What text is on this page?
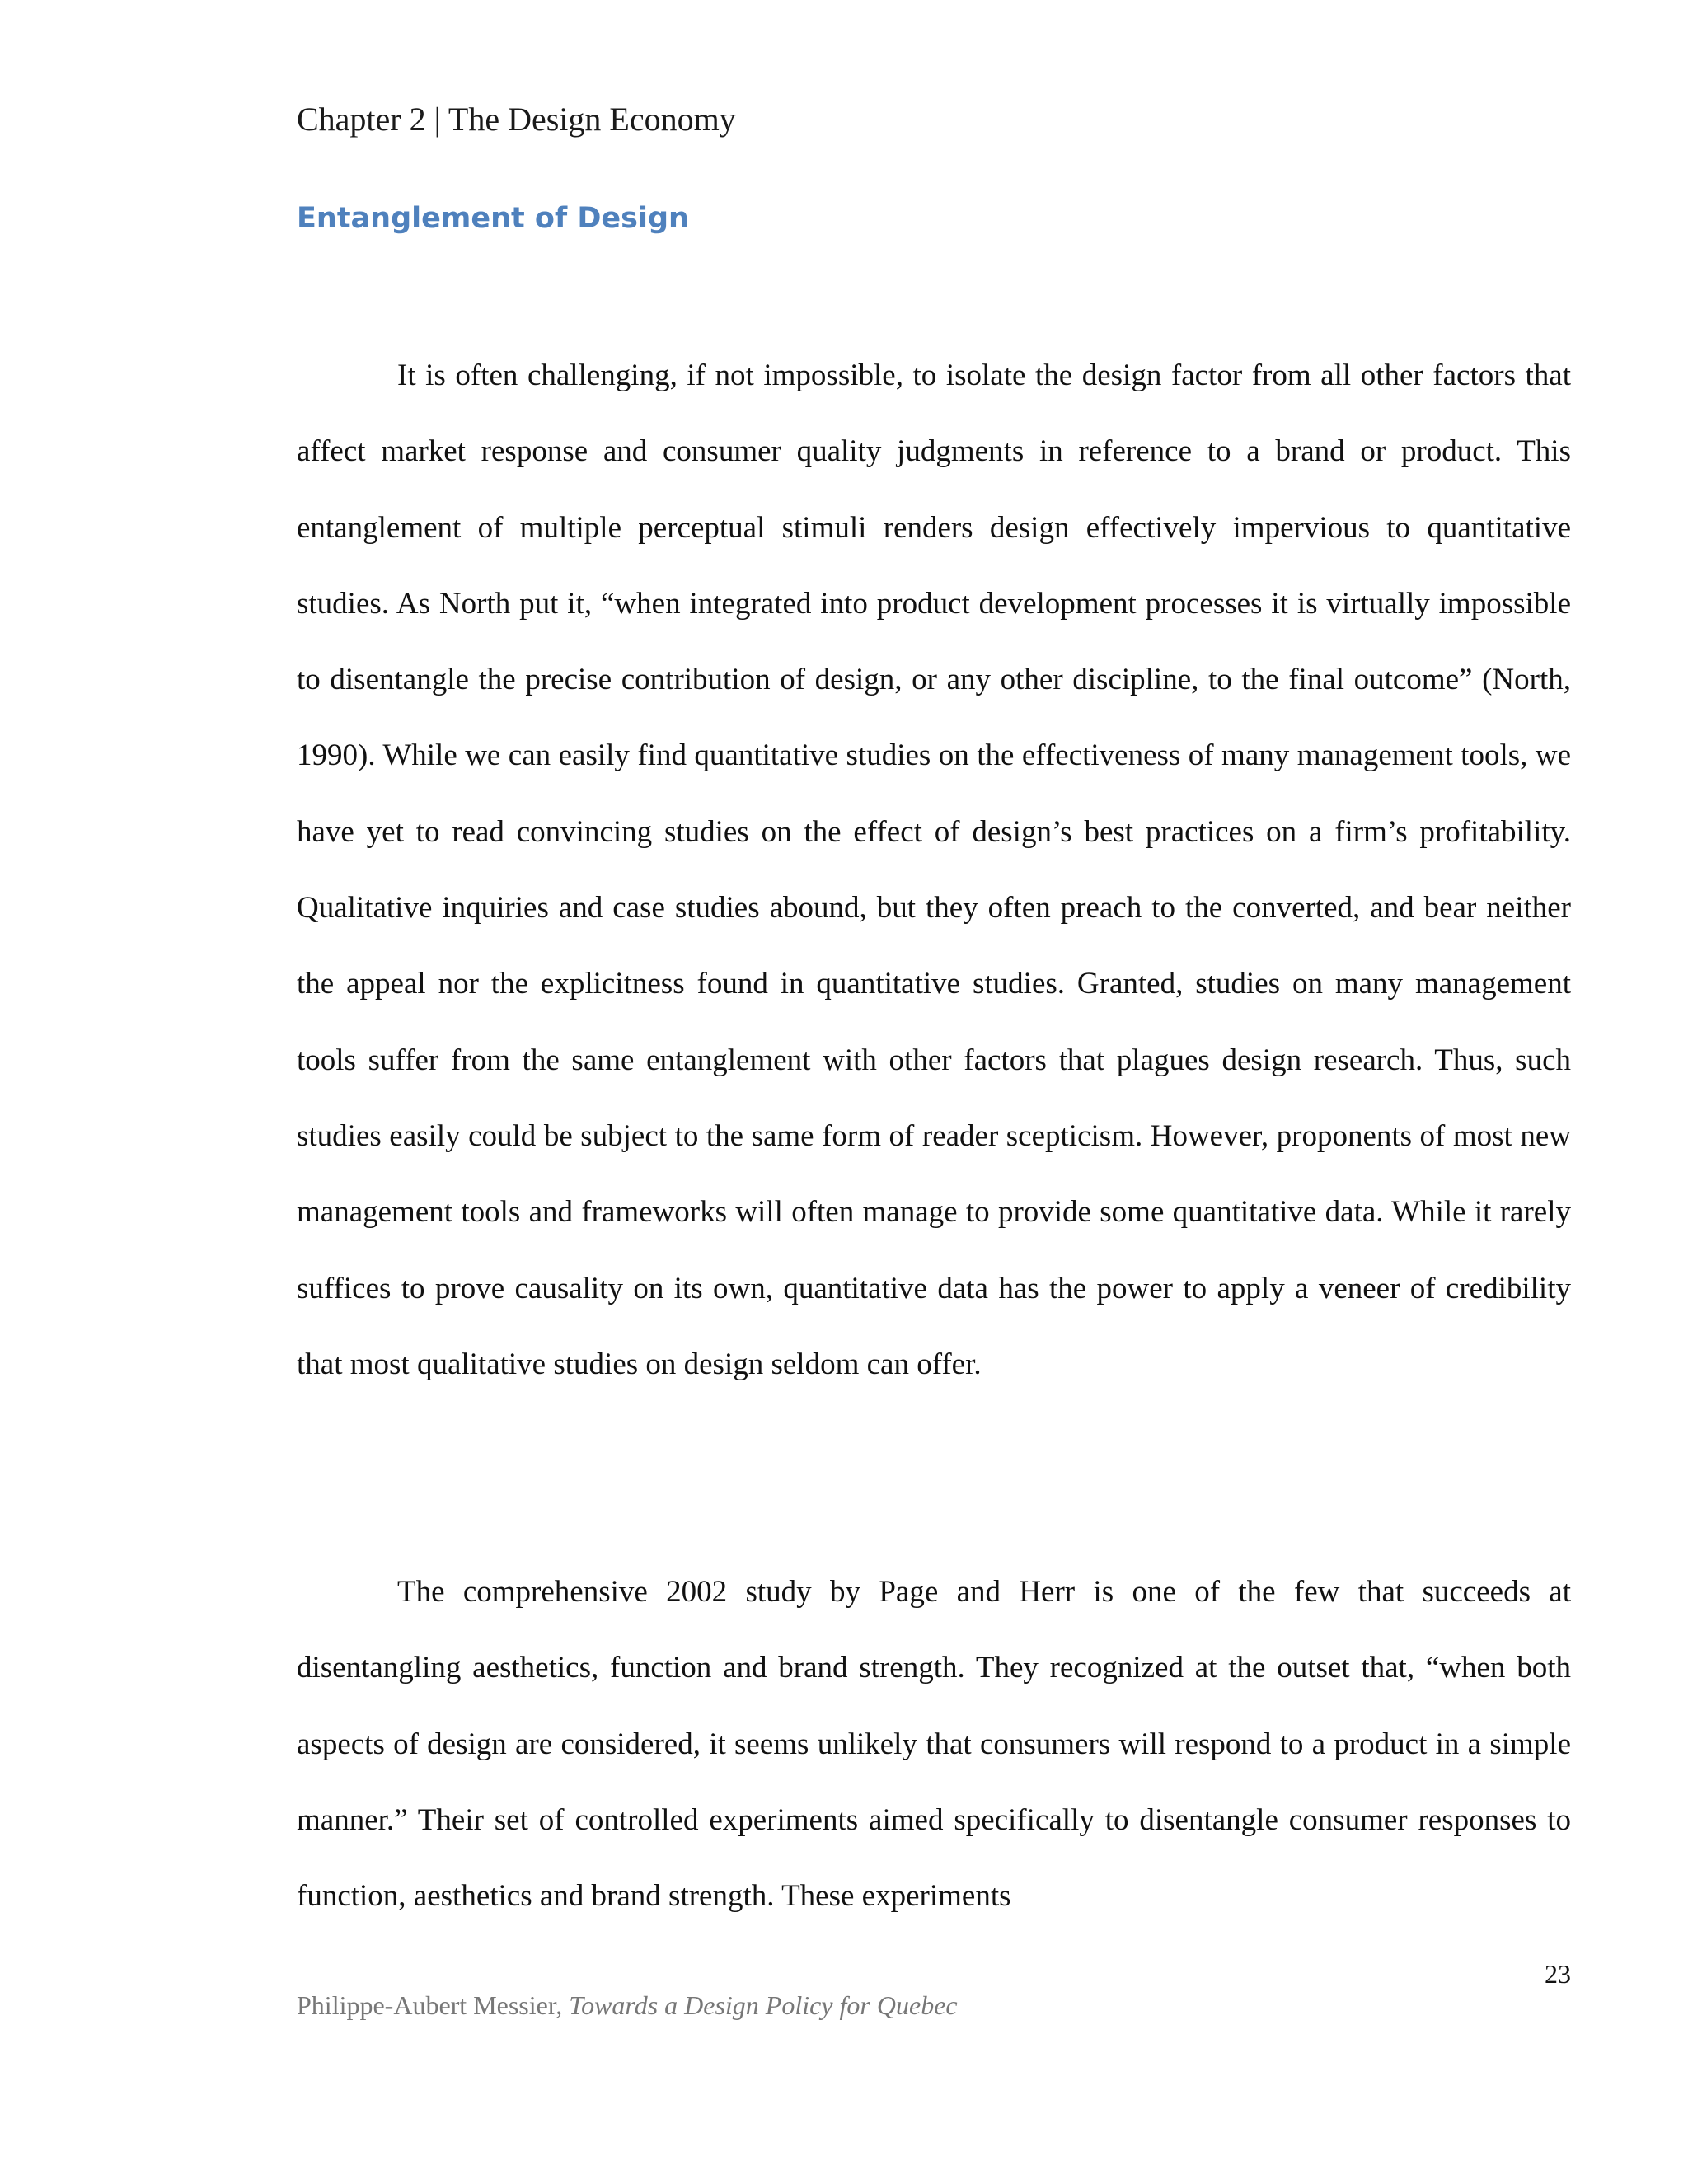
Chapter 2 | The Design Economy
Entanglement of Design

It is often challenging, if not impossible, to isolate the design factor from all other factors that affect market response and consumer quality judgments in reference to a brand or product. This entanglement of multiple perceptual stimuli renders design effectively impervious to quantitative studies. As North put it, “when integrated into product development processes it is virtually impossible to disentangle the precise contribution of design, or any other discipline, to the final outcome” (North, 1990). While we can easily find quantitative studies on the effectiveness of many management tools, we have yet to read convincing studies on the effect of design’s best practices on a firm’s profitability. Qualitative inquiries and case studies abound, but they often preach to the converted, and bear neither the appeal nor the explicitness found in quantitative studies. Granted, studies on many management tools suffer from the same entanglement with other factors that plagues design research. Thus, such studies easily could be subject to the same form of reader scepticism. However, proponents of most new management tools and frameworks will often manage to provide some quantitative data. While it rarely suffices to prove causality on its own, quantitative data has the power to apply a veneer of credibility that most qualitative studies on design seldom can offer.

The comprehensive 2002 study by Page and Herr is one of the few that succeeds at disentangling aesthetics, function and brand strength. They recognized at the outset that, “when both aspects of design are considered, it seems unlikely that consumers will respond to a product in a simple manner.” Their set of controlled experiments aimed specifically to disentangle consumer responses to function, aesthetics and brand strength. These experiments

23
Philippe-Aubert Messier, Towards a Design Policy for Quebec
